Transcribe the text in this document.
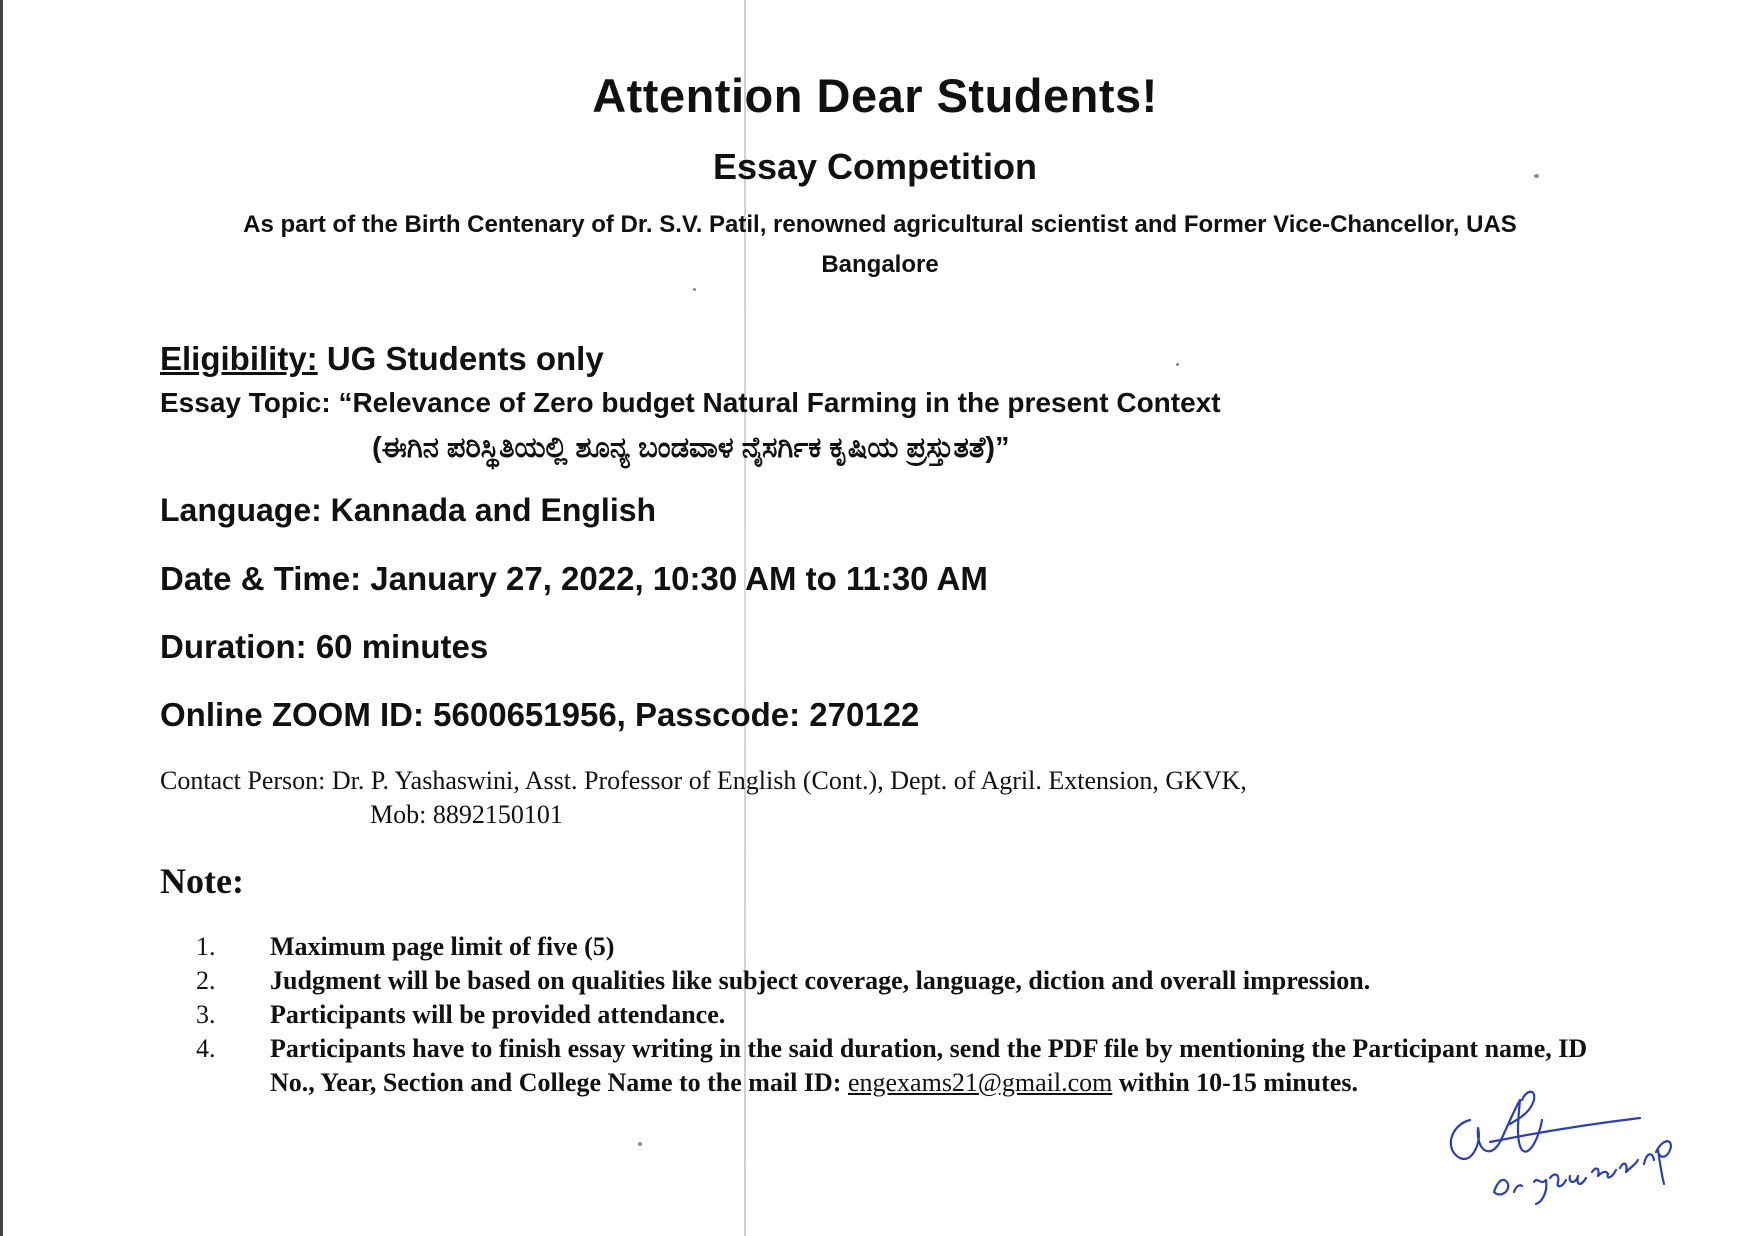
Attention Dear Students!
Essay Competition
As part of the Birth Centenary of Dr. S.V. Patil, renowned agricultural scientist and Former Vice-Chancellor, UAS Bangalore
Eligibility: UG Students only
Essay Topic: “Relevance of Zero budget Natural Farming in the present Context
(ಈಗಿನ ಪರಿಸ್ಥಿತಿಯಲ್ಲಿ ಶೂನ್ಯ ಬಂಡವಾಳ ನೈಸರ್ಗಿಕ ಕೃಷಿಯ ಪ್ರಸ್ತುತತೆ)”
Language: Kannada and English
Date & Time: January 27, 2022, 10:30 AM to 11:30 AM
Duration: 60 minutes
Online ZOOM ID: 5600651956, Passcode: 270122
Contact Person: Dr. P. Yashaswini, Asst. Professor of English (Cont.), Dept. of Agril. Extension, GKVK,
Mob: 8892150101
Note:
1. Maximum page limit of five (5)
2. Judgment will be based on qualities like subject coverage, language, diction and overall impression.
3. Participants will be provided attendance.
4. Participants have to finish essay writing in the said duration, send the PDF file by mentioning the Participant name, ID No., Year, Section and College Name to the mail ID: engexams21@gmail.com within 10-15 minutes.
Dr. Yashaswini P
